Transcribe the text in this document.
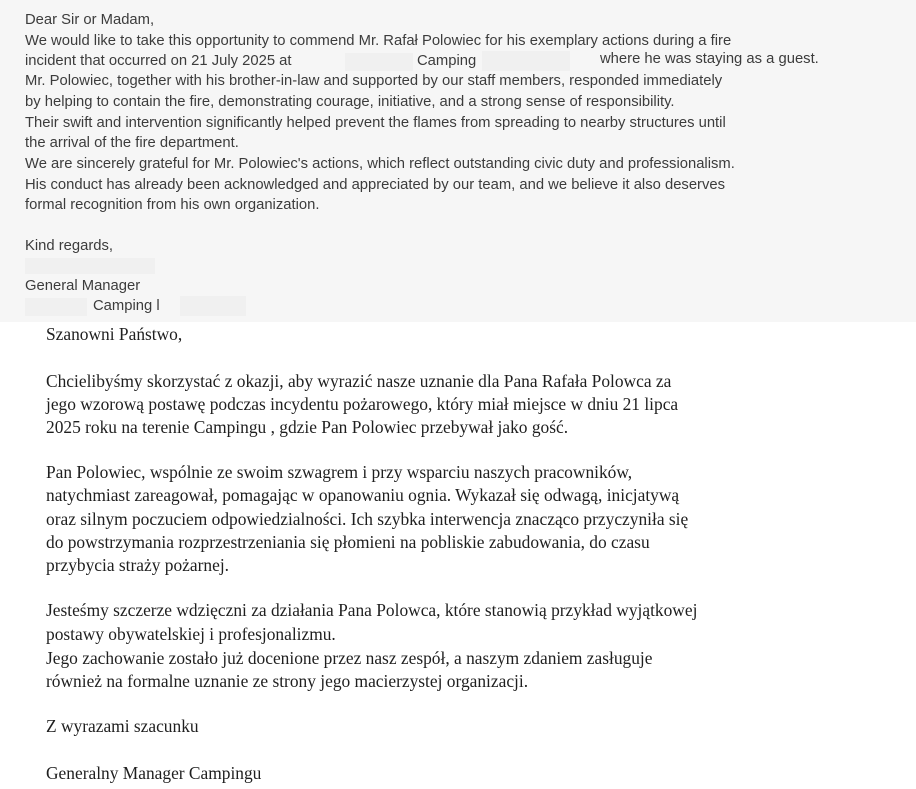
Dear Sir or Madam,
We would like to take this opportunity to commend Mr. Rafał Polowiec for his exemplary actions during a fire
incident that occurred on 21 July 2025 at	Camping	where he was staying as a guest.
Mr. Polowiec, together with his brother-in-law and supported by our staff members, responded immediately
by helping to contain the fire, demonstrating courage, initiative, and a strong sense of responsibility.
Their swift and intervention significantly helped prevent the flames from spreading to nearby structures until
the arrival of the fire department.
We are sincerely grateful for Mr. Polowiec's actions, which reflect outstanding civic duty and professionalism.
His conduct has already been acknowledged and appreciated by our team, and we believe it also deserves
formal recognition from his own organization.
Kind regards,
General Manager
Camping l
Szanowni Państwo,
Chcielibyśmy skorzystać z okazji, aby wyrazić nasze uznanie dla Pana Rafała Polowca za
jego wzorową postawę podczas incydentu pożarowego, który miał miejsce w dniu 21 lipca
2025 roku na terenie Campingu , gdzie Pan Polowiec przebywał jako gość.
Pan Polowiec, wspólnie ze swoim szwagrem i przy wsparciu naszych pracowników,
natychmiast zareagował, pomagając w opanowaniu ognia. Wykazał się odwagą, inicjatywą
oraz silnym poczuciem odpowiedzialności. Ich szybka interwencja znacząco przyczyniła się
do powstrzymania rozprzestrzeniania się płomieni na pobliskie zabudowania, do czasu
przybycia straży pożarnej.
Jesteśmy szczerze wdzięczni za działania Pana Polowca, które stanowią przykład wyjątkowej
postawy obywatelskiej i profesjonalizmu.
Jego zachowanie zostało już docenione przez nasz zespół, a naszym zdaniem zasługuje
również na formalne uznanie ze strony jego macierzystej organizacji.
Z wyrazami szacunku
Generalny Manager Campingu
